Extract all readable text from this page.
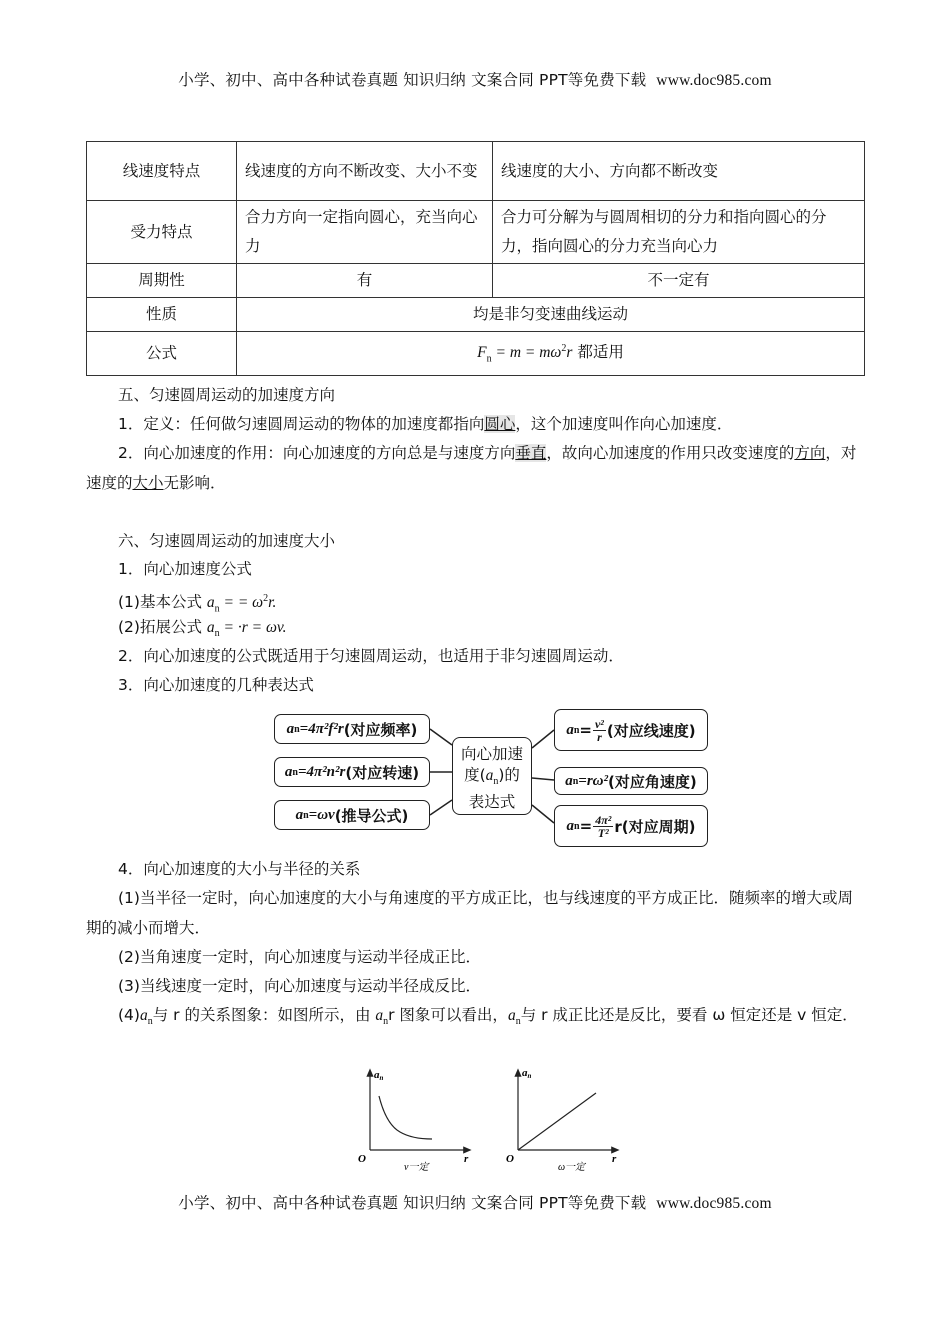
小学、初中、高中各种试卷真题 知识归纳 文案合同 PPT等免费下载 www.doc985.com
线速度特点	线速度的方向不断改变、大小不变	线速度的大小、方向都不断改变
受力特点	合力方向一定指向圆心，充当向心力	合力可分解为与圆周相切的分力和指向圆心的分力，指向圆心的分力充当向心力
周期性	有	不一定有
性质	均是非匀变速曲线运动	
公式	$F_n = m = m\omega^2r$ 都适用	
五、匀速圆周运动的加速度方向
1．定义：任何做匀速圆周运动的物体的加速度都指向圆心，这个加速度叫作向心加速度．
2．向心加速度的作用：向心加速度的方向总是与速度方向垂直，故向心加速度的作用只改变速度的方向，对速度的大小无影响．
六、匀速圆周运动的加速度大小
1．向心加速度公式
(1)基本公式 $a_n$ = = $\omega^2r$.
(2)拓展公式 $a_n = \cdot r = \omega v$.
2．向心加速度的公式既适用于匀速圆周运动，也适用于非匀速圆周运动．
3．向心加速度的几种表达式
a n =4π²f²r (对应频率)
a n =4π²n²r (对应转速)
a n =ωv (推导公式)
向心加速
度$(a_n)$的
表达式
a $n = \frac{\text{v²}}{r}$ (对应线速度)
a n =rω² (对应角速度)
a $n = \frac{\text{4π²}}{\text{T²}} r$(对应周期)
4．向心加速度的大小与半径的关系
(1)当半径一定时，向心加速度的大小与角速度的平方成正比，也与线速度的平方成正比．随频率的增大或周期的减小而增大．
(2)当角速度一定时，向心加速度与运动半径成正比．
(3)当线速度一定时，向心加速度与运动半径成反比．
$(4)a_n$与 r 的关系图象：如图所示，由 $a_nr$ 图象可以看出，$a_n$与 r 成正比还是反比，要看 ω 恒定还是 v 恒定．
an
O	r
v一定
an
O	r
ω一定
小学、初中、高中各种试卷真题 知识归纳 文案合同 PPT等免费下载 www.doc985.com
